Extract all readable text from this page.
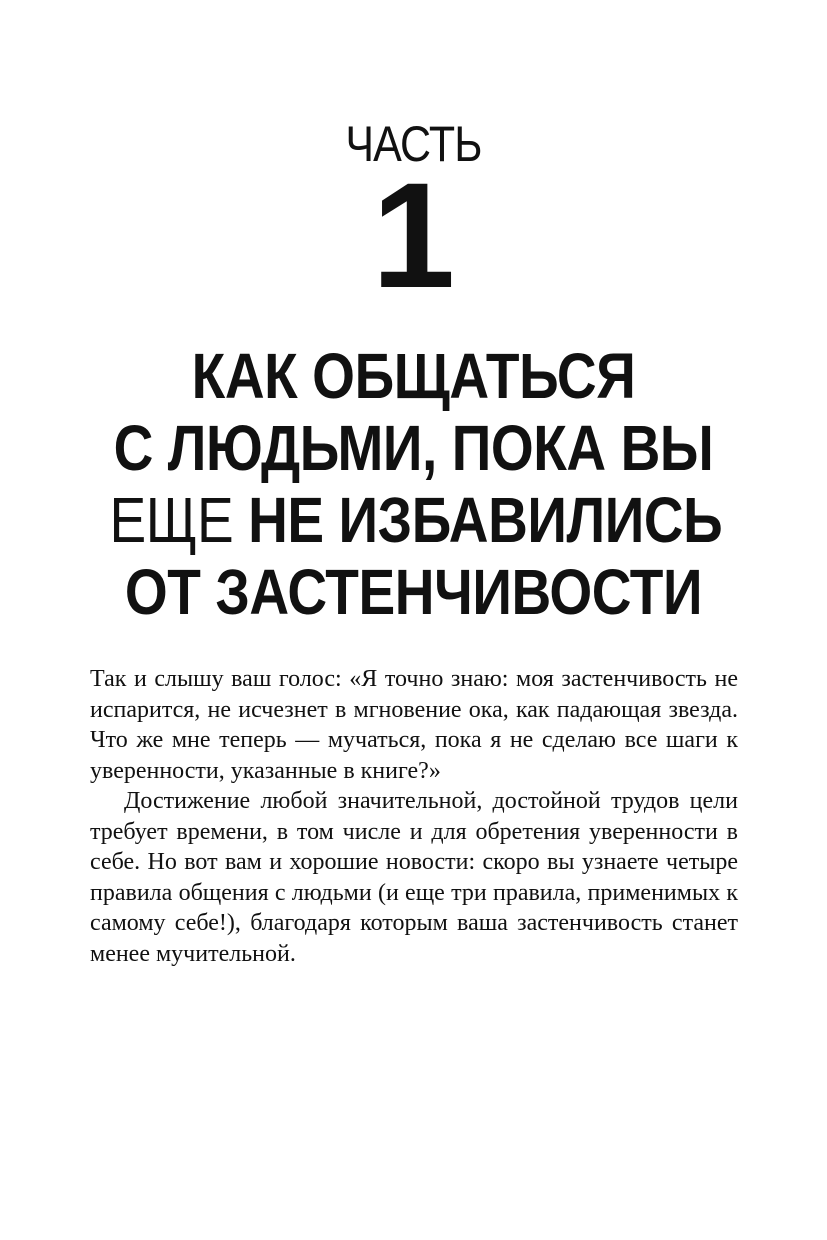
ЧАСТЬ
1
КАК ОБЩАТЬСЯ
С ЛЮДЬМИ, ПОКА ВЫ
ЕЩЕ НЕ ИЗБАВИЛИСЬ
ОТ ЗАСТЕНЧИВОСТИ

Так и слышу ваш голос: «Я точно знаю: моя застенчивость не испарится, не исчезнет в мгновение ока, как падающая звезда. Что же мне теперь — мучаться, пока я не сделаю все шаги к уверенности, указанные в книге?»

Достижение любой значительной, достойной трудов цели требует времени, в том числе и для обретения уверенности в себе. Но вот вам и хорошие новости: скоро вы узнаете четыре правила общения с людьми (и еще три правила, применимых к самому себе!), благодаря которым ваша застенчивость станет менее мучительной.
